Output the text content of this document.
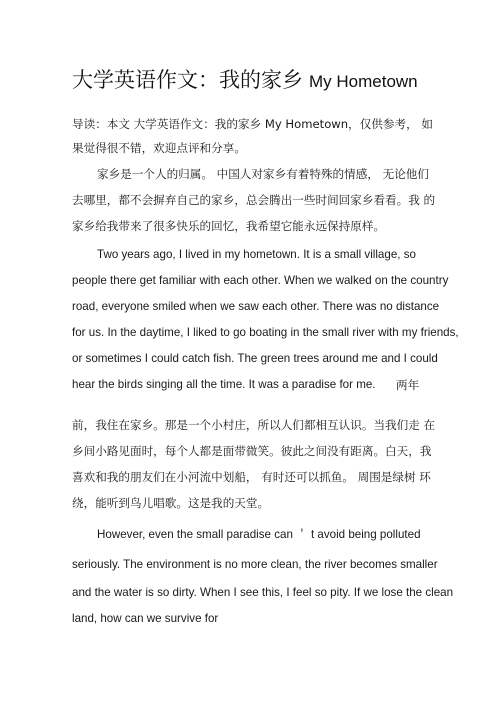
大学英语作文：我的家乡 My Hometown
导读：本文 大学英语作文：我的家乡 My Hometown，仅供参考， 如
果觉得很不错，欢迎点评和分享。
家乡是一个人的归属。 中国人对家乡有着特殊的情感， 无论他们
去哪里，都不会摒弃自己的家乡，总会腾出一些时间回家乡看看。我 的
家乡给我带来了很多快乐的回忆，我希望它能永远保持原样。
Two years ago, I lived in my hometown. It is a small village, so
people there get familiar with each other. When we walked on the country
road, everyone smiled when we saw each other. There was no distance
for us. In the daytime, I liked to go boating in the small river with my friends,
or sometimes I could catch fish. The green trees around me and I could
hear the birds singing all the time. It was a paradise for me. 两年
前，我住在家乡。那是一个小村庄，所以人们都相互认识。当我们走 在
乡间小路见面时，每个人都是面带微笑。彼此之间没有距离。白天，我
喜欢和我的朋友们在小河流中划船， 有时还可以抓鱼。 周围是绿树 环
绕，能听到鸟儿唱歌。这是我的天堂。
However, even the small paradise can ＇ t avoid being polluted
seriously. The environment is no more clean, the river becomes smaller
and the water is so dirty. When I see this, I feel so pity. If we lose the clean
land, how can we survive for
